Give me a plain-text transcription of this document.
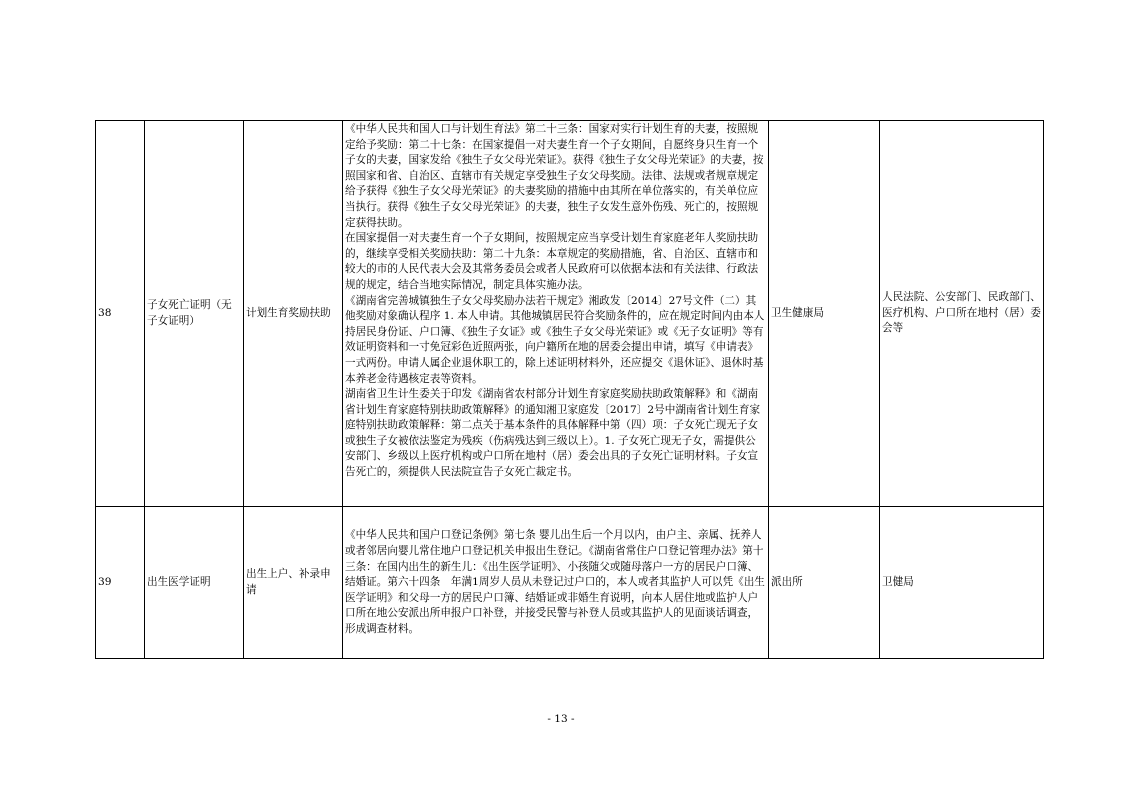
38	子女死亡证明（无子女证明）	计划生育奖励扶助	《中华人民共和国人口与计划生育法》第二十三条：国家对实行计划生育的夫妻，按照规定给予奖励：第二十七条：在国家提倡一对夫妻生育一个子女期间，自愿终身只生育一个子女的夫妻，国家发给《独生子女父母光荣证》。获得《独生子女父母光荣证》的夫妻，按照国家和省、自治区、直辖市有关规定享受独生子女父母奖励。法律、法规或者规章规定给予获得《独生子女父母光荣证》的夫妻奖励的措施中由其所在单位落实的，有关单位应当执行。获得《独生子女父母光荣证》的夫妻，独生子女发生意外伤残、死亡的，按照规定获得扶助。

在国家提倡一对夫妻生育一个子女期间，按照规定应当享受计划生育家庭老年人奖励扶助的，继续享受相关奖励扶助：第二十九条：本章规定的奖励措施，省、自治区、直辖市和较大的市的人民代表大会及其常务委员会或者人民政府可以依据本法和有关法律、行政法规的规定，结合当地实际情况，制定具体实施办法。

《湖南省完善城镇独生子女父母奖励办法若干规定》湘政发〔2014〕27号文件（二）其他奖励对象确认程序 1. 本人申请。其他城镇居民符合奖励条件的，应在规定时间内由本人持居民身份证、户口簿、《独生子女证》或《独生子女父母光荣证》或《无子女证明》等有效证明资料和一寸免冠彩色近照两张，向户籍所在地的居委会提出申请，填写《申请表》一式两份。申请人属企业退休职工的，除上述证明材料外，还应提交《退休证》、退休时基本养老金待遇核定表等资料。

湖南省卫生计生委关于印发《湖南省农村部分计划生育家庭奖励扶助政策解释》和《湖南省计划生育家庭特别扶助政策解释》的通知湘卫家庭发〔2017〕2号中湖南省计划生育家庭特别扶助政策解释：第二点关于基本条件的具体解释中第（四）项：子女死亡现无子女或独生子女被依法鉴定为残疾（伤病残达到三级以上）。1. 子女死亡现无子女，需提供公安部门、乡级以上医疗机构或户口所在地村（居）委会出具的子女死亡证明材料。子女宣告死亡的，须提供人民法院宣告子女死亡裁定书。	卫生健康局	人民法院、公安部门、民政部门、医疗机构、户口所在地村（居）委会等
39	出生医学证明	出生上户、补录申请	《中华人民共和国户口登记条例》第七条 婴儿出生后一个月以内，由户主、亲属、抚养人或者邻居向婴儿常住地户口登记机关申报出生登记。《湖南省常住户口登记管理办法》第十三条：在国内出生的新生儿：《出生医学证明》、小孩随父或随母落户一方的居民户口簿、结婚证。第六十四条　年满1周岁人员从未登记过户口的，本人或者其监护人可以凭《出生医学证明》和父母一方的居民户口簿、结婚证或非婚生育说明，向本人居住地或监护人户口所在地公安派出所申报户口补登，并接受民警与补登人员或其监护人的见面谈话调查，形成调查材料。	派出所	卫健局
- 13 -
